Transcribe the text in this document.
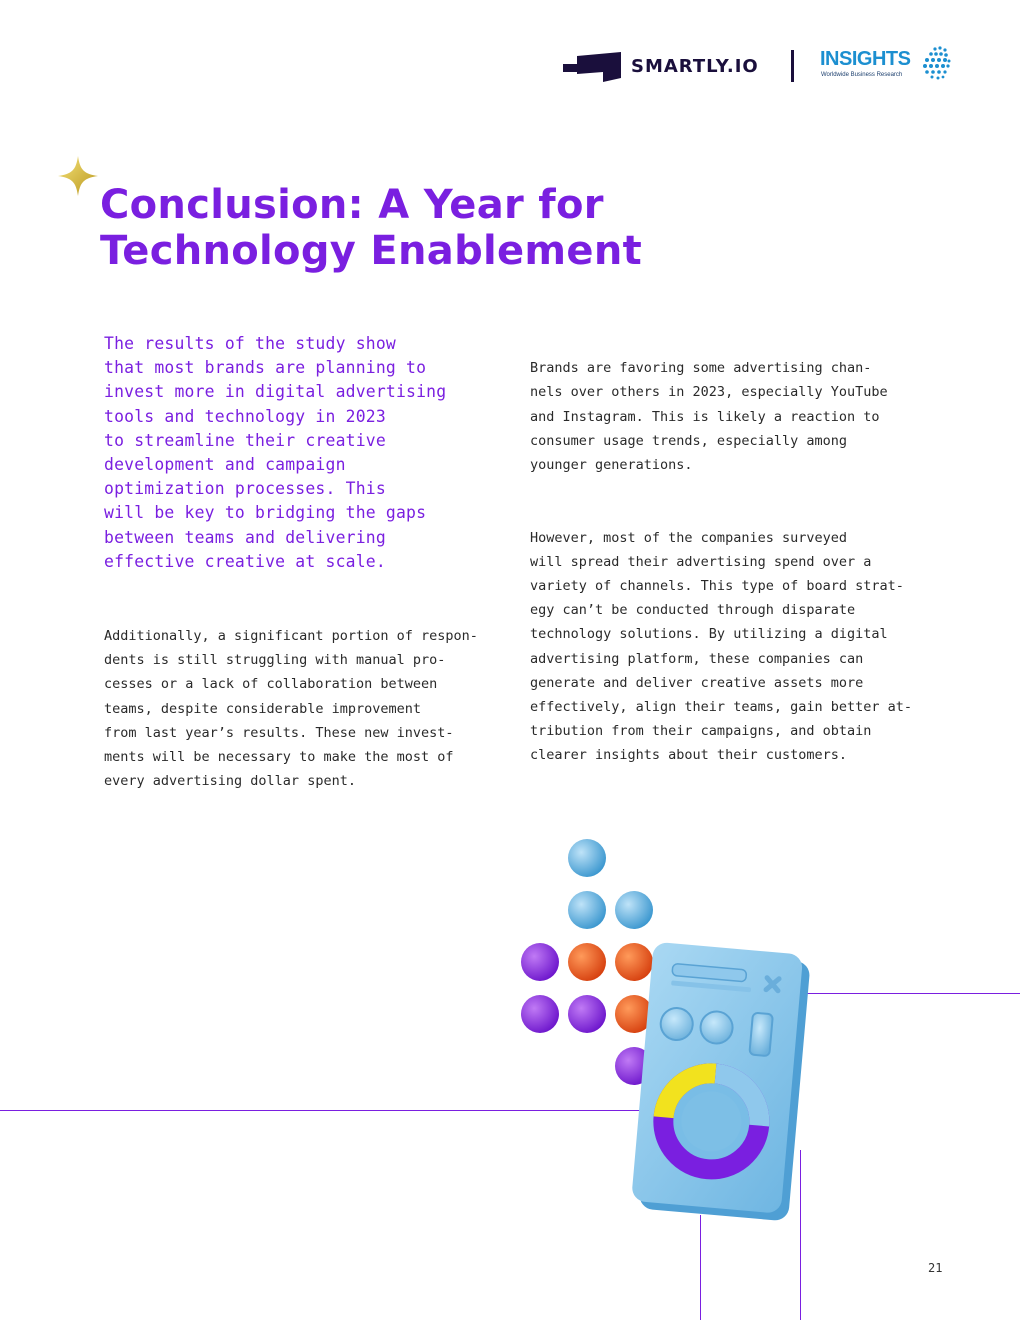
SMARTLY.IO	INSIGHTS
Worldwide Business Research
Conclusion: A Year for
Technology Enablement

The results of the study show
that most brands are planning to
invest more in digital advertising
tools and technology in 2023
to streamline their creative
development and campaign
optimization processes. This
will be key to bridging the gaps
between teams and delivering
effective creative at scale.

Additionally, a significant portion of respon-
dents is still struggling with manual pro-
cesses or a lack of collaboration between
teams, despite considerable improvement
from last year’s results. These new invest-
ments will be necessary to make the most of
every advertising dollar spent.

Brands are favoring some advertising chan-
nels over others in 2023, especially YouTube
and Instagram. This is likely a reaction to
consumer usage trends, especially among
younger generations.

However, most of the companies surveyed
will spread their advertising spend over a
variety of channels. This type of board strat-
egy can’t be conducted through disparate
technology solutions. By utilizing a digital
advertising platform, these companies can
generate and deliver creative assets more
effectively, align their teams, gain better at-
tribution from their campaigns, and obtain
clearer insights about their customers.

21
